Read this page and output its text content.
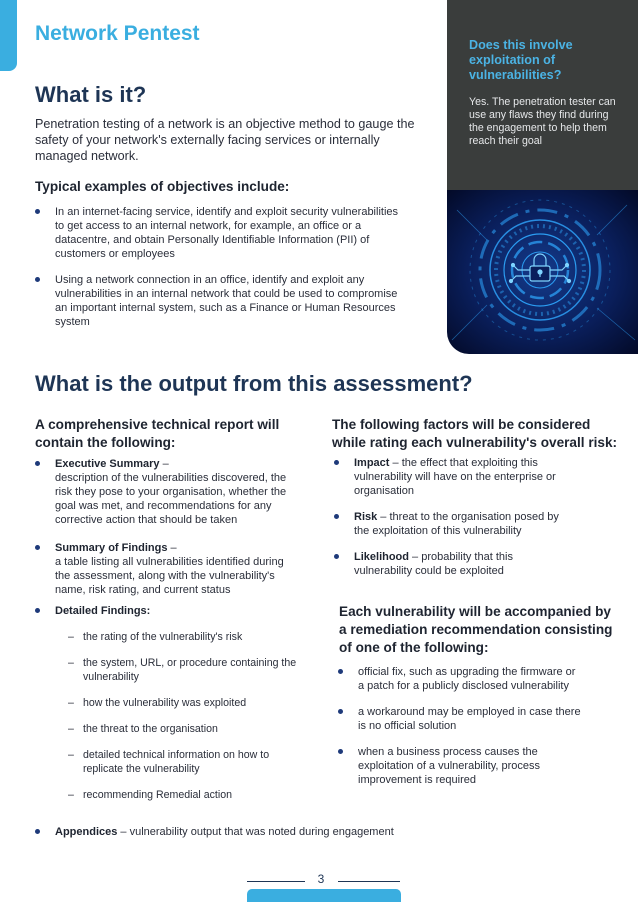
Network Pentest
What is it?

Penetration testing of a network is an objective method to gauge the safety of your network's externally facing services or internally managed network.

Typical examples of objectives include:
In an internet-facing service, identify and exploit security vulnerabilities to get access to an internal network, for example, an office or a datacentre, and obtain Personally Identifiable Information (PII) of customers or employees
Using a network connection in an office, identify and exploit any vulnerabilities in an internal network that could be used to compromise an important internal system, such as a Finance or Human Resources system

Does this involve exploitation of vulnerabilities?

Yes. The penetration tester can use any flaws they find during the engagement to help them reach their goal

What is the output from this assessment?
A comprehensive technical report will contain the following:
Executive Summary –
description of the vulnerabilities discovered, the risk they pose to your organisation, whether the goal was met, and recommendations for any corrective action that should be taken
Summary of Findings –
a table listing all vulnerabilities identified during the assessment, along with the vulnerability's name, risk rating, and current status
Detailed Findings:
– the rating of the vulnerability's risk
– the system, URL, or procedure containing the vulnerability
– how the vulnerability was exploited
– the threat to the organisation
– detailed technical information on how to replicate the vulnerability
– recommending Remedial action
Appendices – vulnerability output that was noted during engagement
The following factors will be considered while rating each vulnerability's overall risk:
Impact – the effect that exploiting this vulnerability will have on the enterprise or organisation
Risk – threat to the organisation posed by the exploitation of this vulnerability
Likelihood – probability that this vulnerability could be exploited
Each vulnerability will be accompanied by a remediation recommendation consisting of one of the following:
official fix, such as upgrading the firmware or a patch for a publicly disclosed vulnerability
a workaround may be employed in case there is no official solution
when a business process causes the exploitation of a vulnerability, process improvement is required
3
